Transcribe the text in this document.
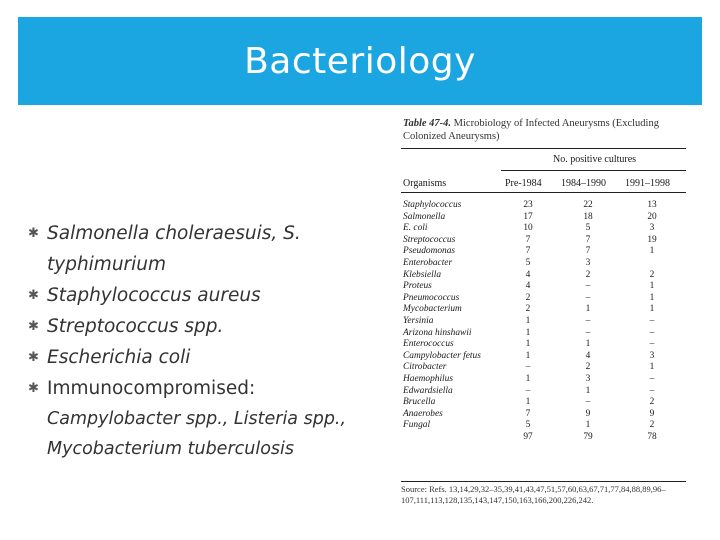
Bacteriology
✱ Salmonella choleraesuis, S. typhimurium
✱ Staphylococcus aureus
✱ Streptococcus spp.
✱ Escherichia coli
✱ Immunocompromised:
Campylobacter spp., Listeria spp., Mycobacterium tuberculosis
Table 47-4. Microbiology of Infected Aneurysms (Excluding Colonized Aneurysms)
No. positive cultures
Organisms	Pre-1984 1984–1990 1991–1998
Staphylococcus	23	22	13
Salmonella	17	18	20
E. coli	10	5	3
Streptococcus	7	7	19
Pseudomonas	7	7	1
Enterobacter	5	3
Klebsiella	4	2	2
Proteus	4	–	1
Pneumococcus	2	–	1
Mycobacterium	2	1	1
Yersinia	1	–	–
Arizona hinshawii	1	–	–
Enterococcus	1	1	–
Campylobacter fetus	1	4	3
Citrobacter	–	2	1
Haemophilus	1	3	–
Edwardsiella	–	1	–
Brucella	1	–	2
Anaerobes	7	9	9
Fungal	5	1	2
97	79	78
Source: Refs. 13,14,29,32–35,39,41,43,47,51,57,60,63,67,71,77,84,88,89,96–107,111,113,128,135,143,147,150,163,166,200,226,242.
